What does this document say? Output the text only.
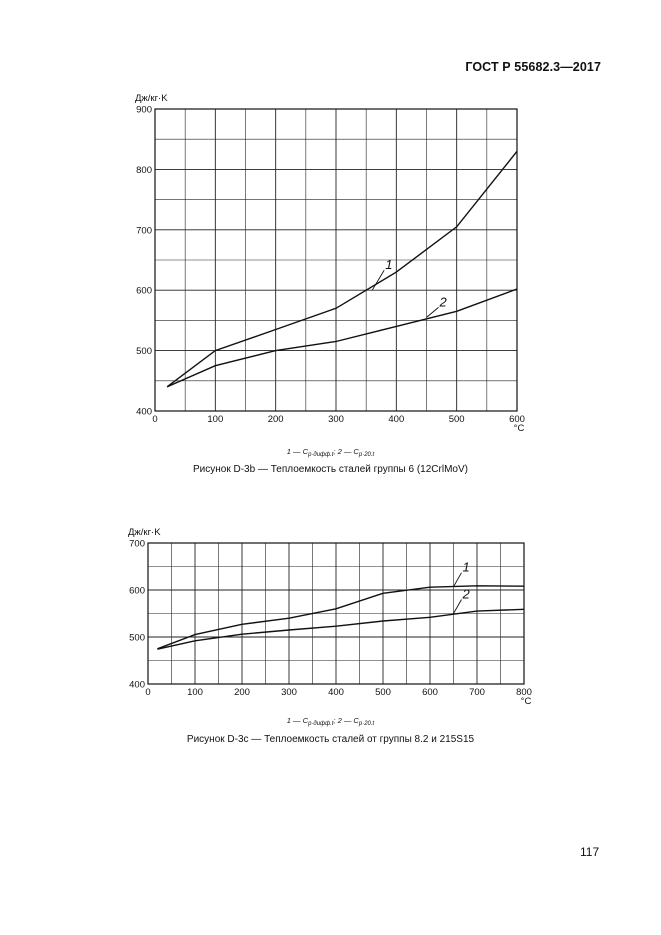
ГОСТ Р 55682.3—2017
400
500
600
700
800
900
0	100	200	300	400	500	600
Дж/кг·K
°C
1
2
1 — $C_{p\cdot дифф.t}$; 2 — $C_{p\cdot 20.t}$
Рисунок D-3b — Теплоемкость сталей группы 6 (12CrlMoV)
1 — $C_{p\cdot дифф.t}$; 2 — $C_{p\cdot 20.t}$
Рисунок D-3c — Теплоемкость сталей от группы 8.2 и 215S15
117
400
500
600
700
0	100	200	300	400	500	600	700	800
Дж/кг·K
°C
1
2
